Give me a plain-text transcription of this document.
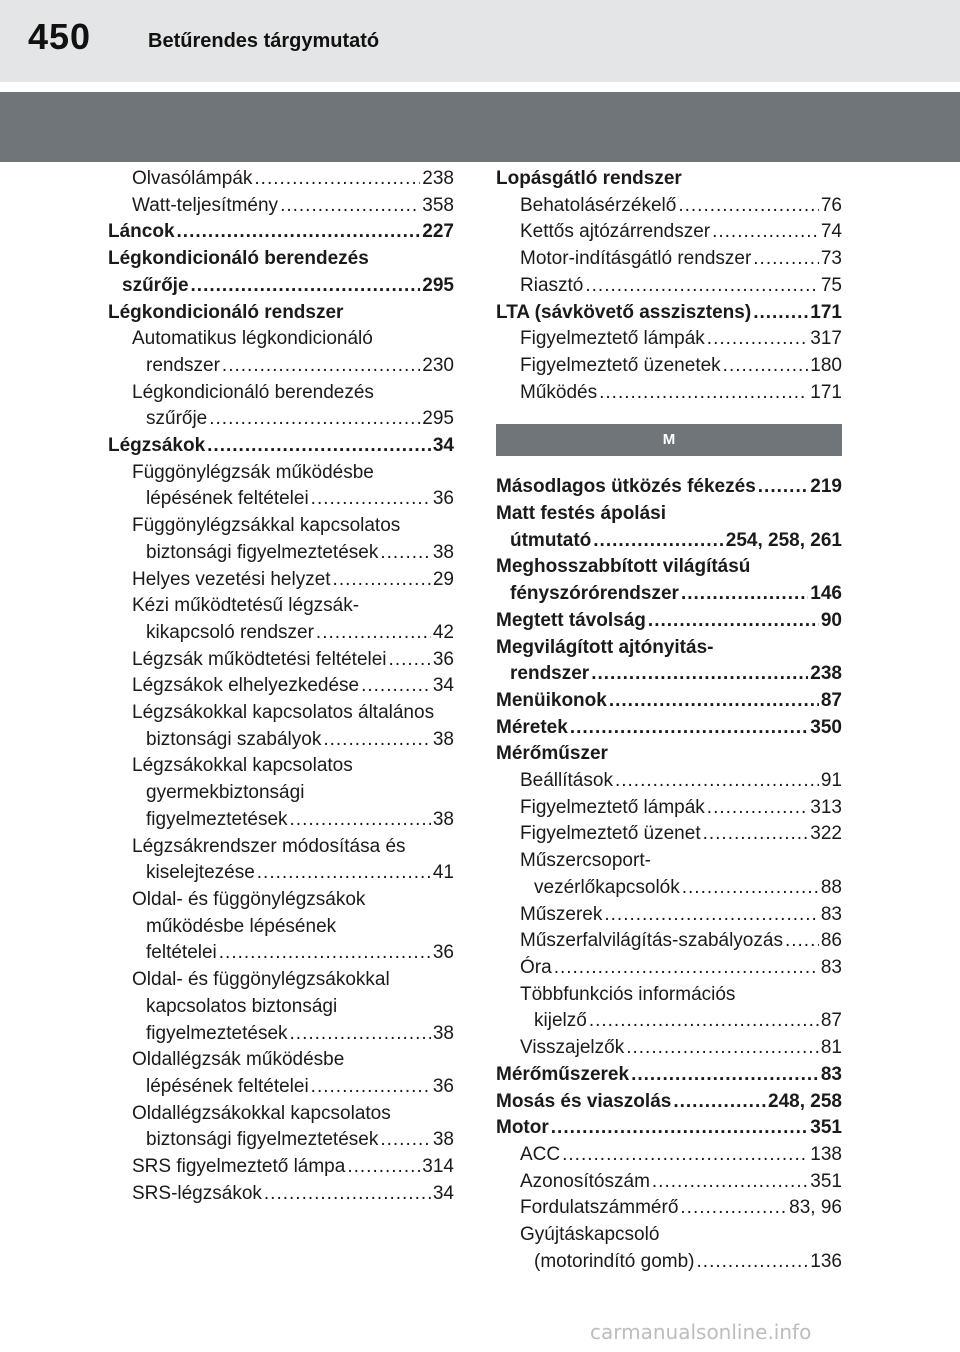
450	Betűrendes tárgymutató
Olvasólámpák .....	238
Watt-teljesítmény .....	358
Láncok .....	227
Légkondicionáló berendezés
szűrője .....	295
Légkondicionáló rendszer
Automatikus légkondicionáló
rendszer .....	230
Légkondicionáló berendezés
szűrője .....	295
Légzsákok .....	34
Függönylégzsák működésbe
lépésének feltételei .....	36
Függönylégzsákkal kapcsolatos
biztonsági figyelmeztetések .....	38
Helyes vezetési helyzet .....	29
Kézi működtetésű légzsák-
kikapcsoló rendszer .....	42
Légzsák működtetési feltételei ..... 36
Légzsákok elhelyezkedése .....	34
Légzsákokkal kapcsolatos általános
biztonsági szabályok .....	38
Légzsákokkal kapcsolatos
gyermekbiztonsági
figyelmeztetések .....	38
Légzsákrendszer módosítása és
kiselejtezése .....	41
Oldal- és függönylégzsákok
működésbe lépésének
feltételei .....	36
Oldal- és függönylégzsákokkal
kapcsolatos biztonsági
figyelmeztetések .....	38
Oldallégzsák működésbe
lépésének feltételei .....	36
Oldallégzsákokkal kapcsolatos
biztonsági figyelmeztetések .....	38
SRS figyelmeztető lámpa .....	314
SRS-légzsákok .....	34
Lopásgátló rendszer
Behatolásérzékelő .....	76
Kettős ajtózárrendszer .....	74
Motor-indításgátló rendszer .....	73
Riasztó .....	75
LTA (sávkövető asszisztens) .....	171
Figyelmeztető lámpák .....	317
Figyelmeztető üzenetek .....	180
Működés .....	171
M
Másodlagos ütközés fékezés .....	219
Matt festés ápolási
útmutató .....	254, 258, 261
Meghosszabbított világítású
fényszórórendszer .....	146
Megtett távolság .....	90
Megvilágított ajtónyitás-
rendszer .....	238
Menüikonok .....	87
Méretek .....	350
Mérőműszer
Beállítások .....	91
Figyelmeztető lámpák .....	313
Figyelmeztető üzenet .....	322
Műszercsoport-
vezérlőkapcsolók .....	88
Műszerek .....	83
Műszerfalvilágítás-szabályozás ..... 86
Óra .....	83
Többfunkciós információs
kijelző .....	87
Visszajelzők .....	81
Mérőműszerek .....	83
Mosás és viaszolás .....	248, 258
Motor .....	351
ACC .....	138
Azonosítószám .....	351
Fordulatszámmérő .....	83, 96
Gyújtáskapcsoló
(motorindító gomb) .....	136
carmanualsonline.info
